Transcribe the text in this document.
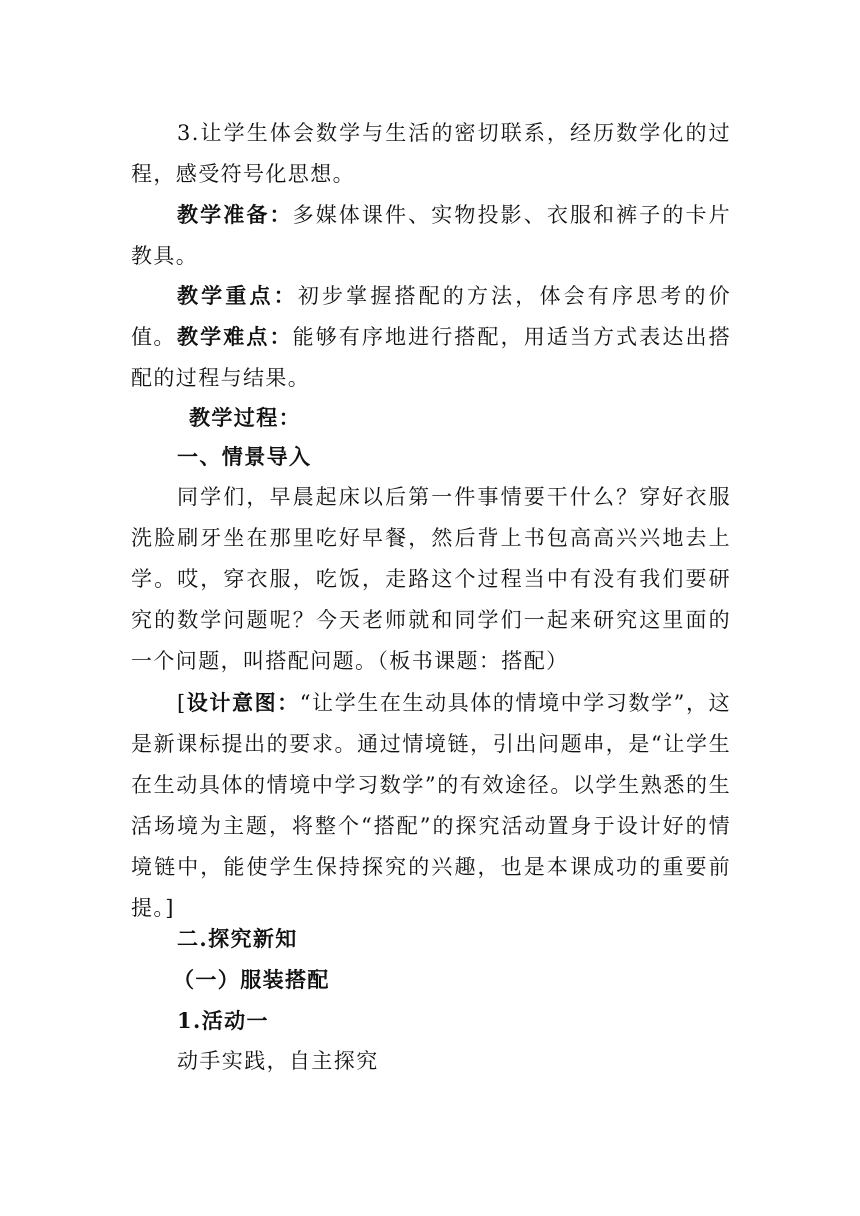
3.让学生体会数学与生活的密切联系，经历数学化的过程，感受符号化思想。

教学准备：多媒体课件、实物投影、衣服和裤子的卡片教具。

教学重点：初步掌握搭配的方法，体会有序思考的价值。 教学难点：能够有序地进行搭配，用适当方式表达出搭配的过程与结果。

教学过程：

一、情景导入

同学们，早晨起床以后第一件事情要干什么？穿好衣服洗脸刷牙坐在那里吃好早餐，然后背上书包高高兴兴地去上学。哎，穿衣服，吃饭，走路这个过程当中有没有我们要研究的数学问题呢？今天老师就和同学们一起来研究这里面的一个问题，叫搭配问题。（板书课题：搭配）

[设计意图：“让学生在生动具体的情境中学习数学”，这是新课标提出的要求。通过情境链，引出问题串，是“让学生在生动具体的情境中学习数学”的有效途径。以学生熟悉的生活场境为主题，将整个“搭配”的探究活动置身于设计好的情境链中，能使学生保持探究的兴趣，也是本课成功的重要前提。]

二.探究新知

（一）服装搭配

1.活动一

动手实践，自主探究
